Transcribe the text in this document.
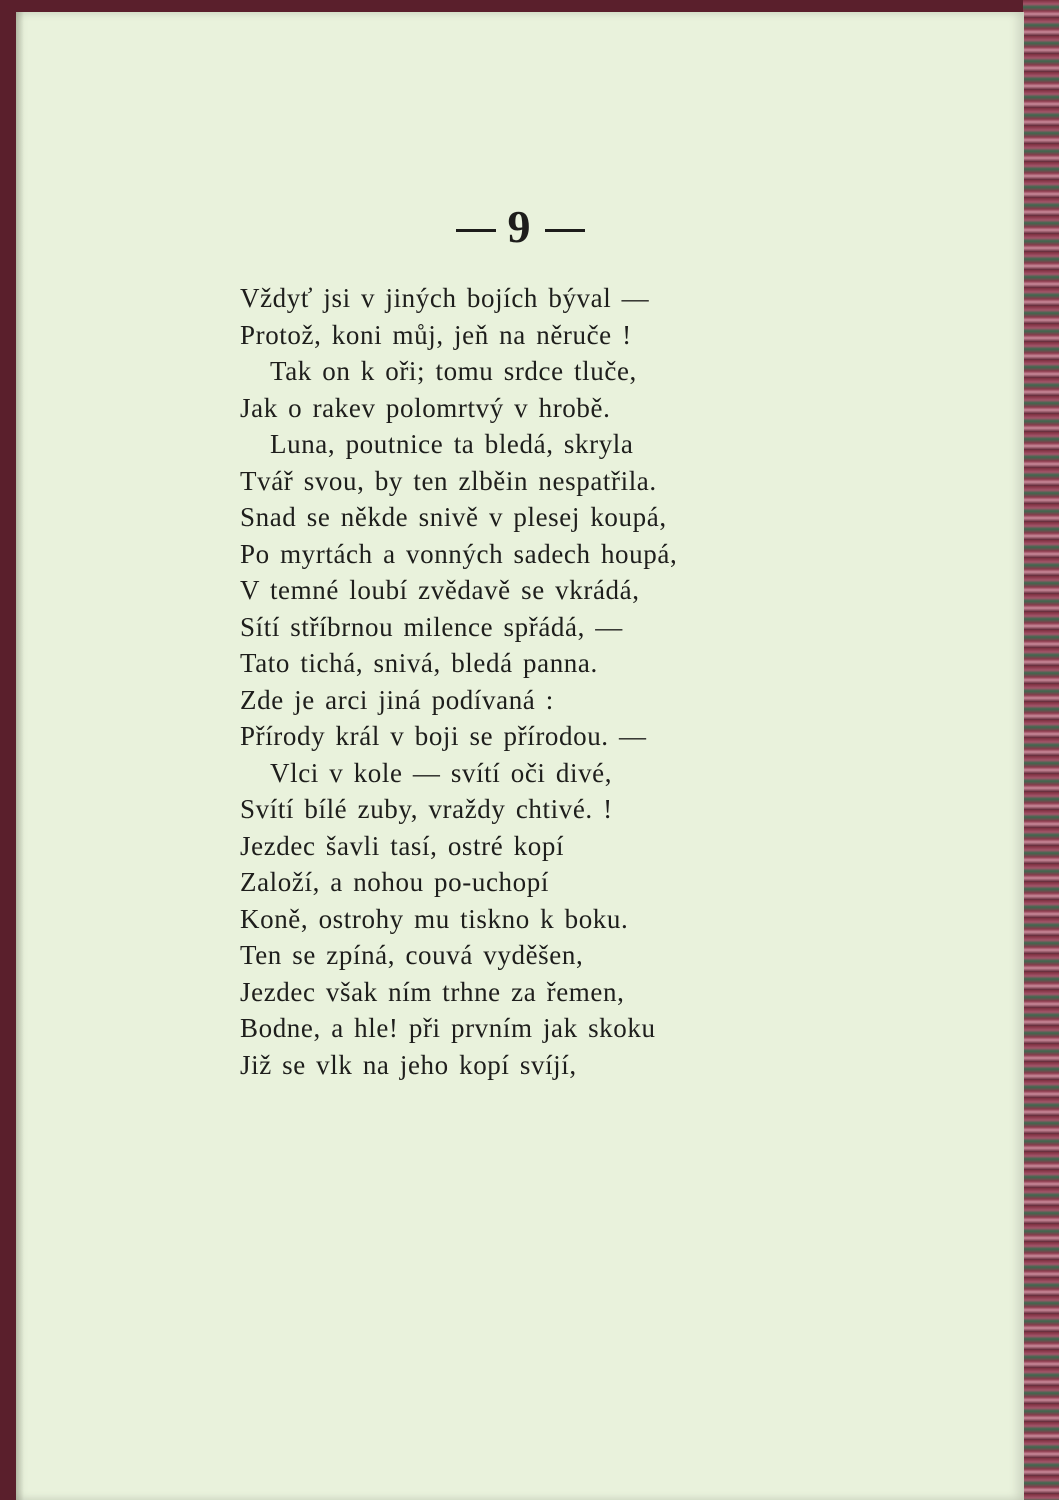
9
Vždyť jsi v jiných bojích býval —
Protož, koni můj, jeň na něruče !
Tak on k oři; tomu srdce tluče,
Jak o rakev polomrtvý v hrobě.
Luna, poutnice ta bledá, skryla
Tvář svou, by ten zlběin nespatřila.
Snad se někde snivě v plesej koupá,
Po myrtách a vonných sadech houpá,
V temné loubí zvědavě se vkrádá,
Sítí stříbrnou milence spřádá, —
Tato tichá, snivá, bledá panna.
Zde je arci jiná podívaná :
Přírody král v boji se přírodou. —
Vlci v kole — svítí oči divé,
Svítí bílé zuby, vraždy chtivé. !
Jezdec šavli tasí, ostré kopí
Založí, a nohou po-uchopí
Koně, ostrohy mu tiskno k boku.
Ten se zpíná, couvá vyděšen,
Jezdec však ním trhne za řemen,
Bodne, a hle! při prvním jak skoku
Již se vlk na jeho kopí svíjí,
